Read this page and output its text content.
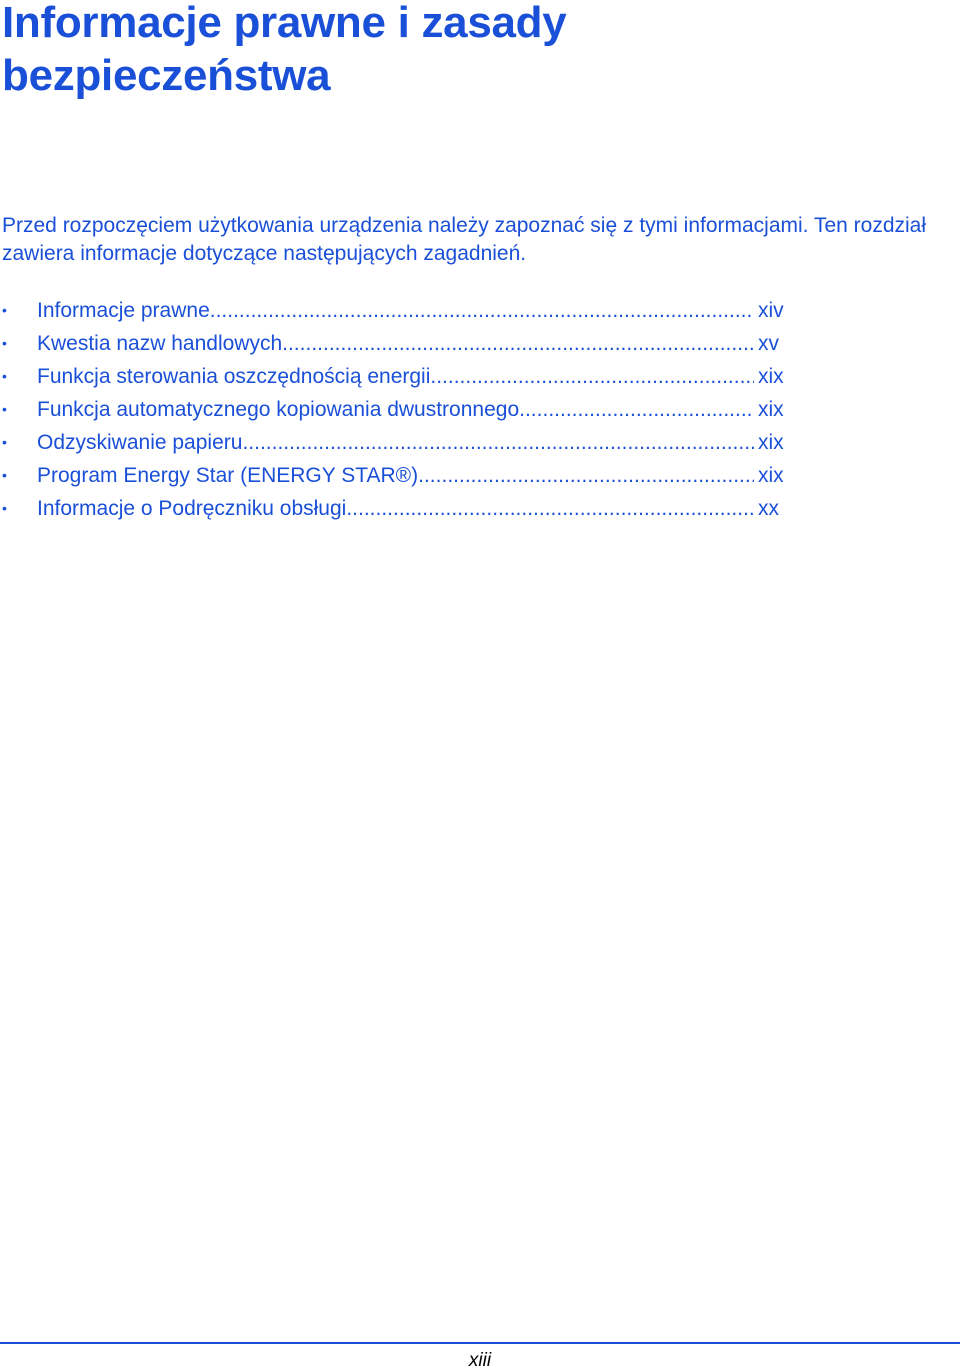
Informacje prawne i zasady
bezpieczeństwa

Przed rozpoczęciem użytkowania urządzenia należy zapoznać się z tymi informacjami. Ten rozdział zawiera informacje dotyczące następujących zagadnień.

• Informacje prawne .....	xiv
• Kwestia nazw handlowych .....	xv
• Funkcja sterowania oszczędnością energii .....	xix
• Funkcja automatycznego kopiowania dwustronnego .....	xix
• Odzyskiwanie papieru .....	xix
• Program Energy Star (ENERGY STAR®) .....	xix
• Informacje o Podręczniku obsługi .....	xx
xiii
